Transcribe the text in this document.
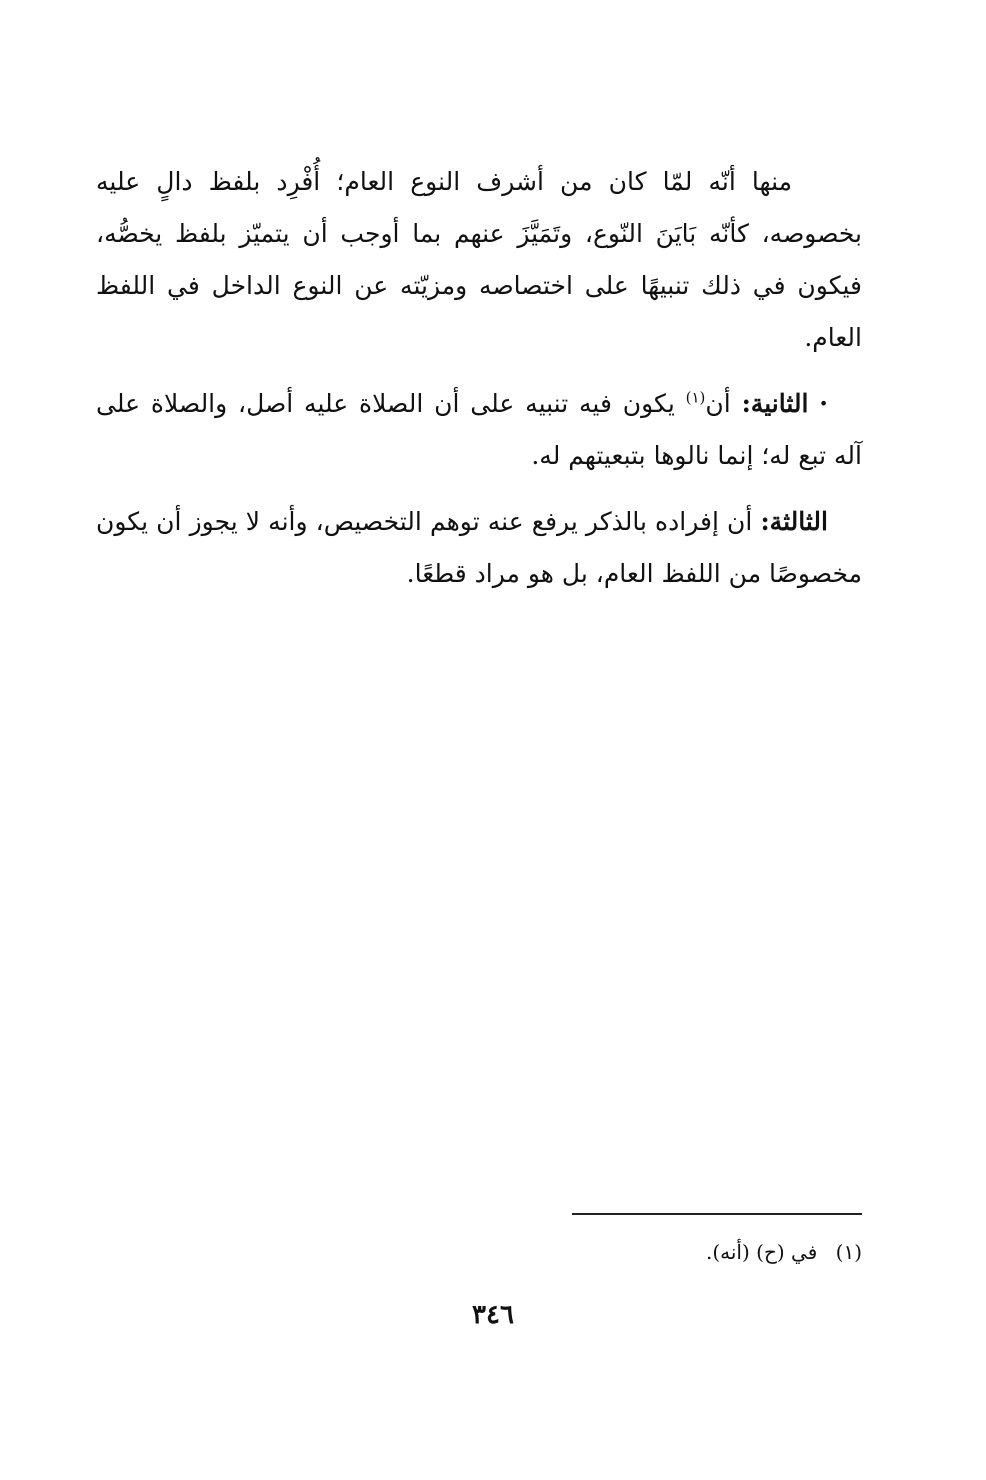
منها أنّه لمّا كان من أشرف النوع العام؛ أُفْرِد بلفظ دالٍ عليه بخصوصه، كأنّه بَايَنَ النّوع، وتَمَيَّزَ عنهم بما أوجب أن يتميّز بلفظ يخصُّه، فيكون في ذلك تنبيهًا على اختصاصه ومزيّته عن النوع الداخل في اللفظ العام.

· الثانية: أن$^{(١)}$ يكون فيه تنبيه على أن الصلاة عليه أصل، والصلاة على آله تبع له؛ إنما نالوها بتبعيتهم له.

الثالثة: أن إفراده بالذكر يرفع عنه توهم التخصيص، وأنه لا يجوز أن يكون مخصوصًا من اللفظ العام، بل هو مراد قطعًا.

(١) في (ح) (أنه).
٣٤٦
